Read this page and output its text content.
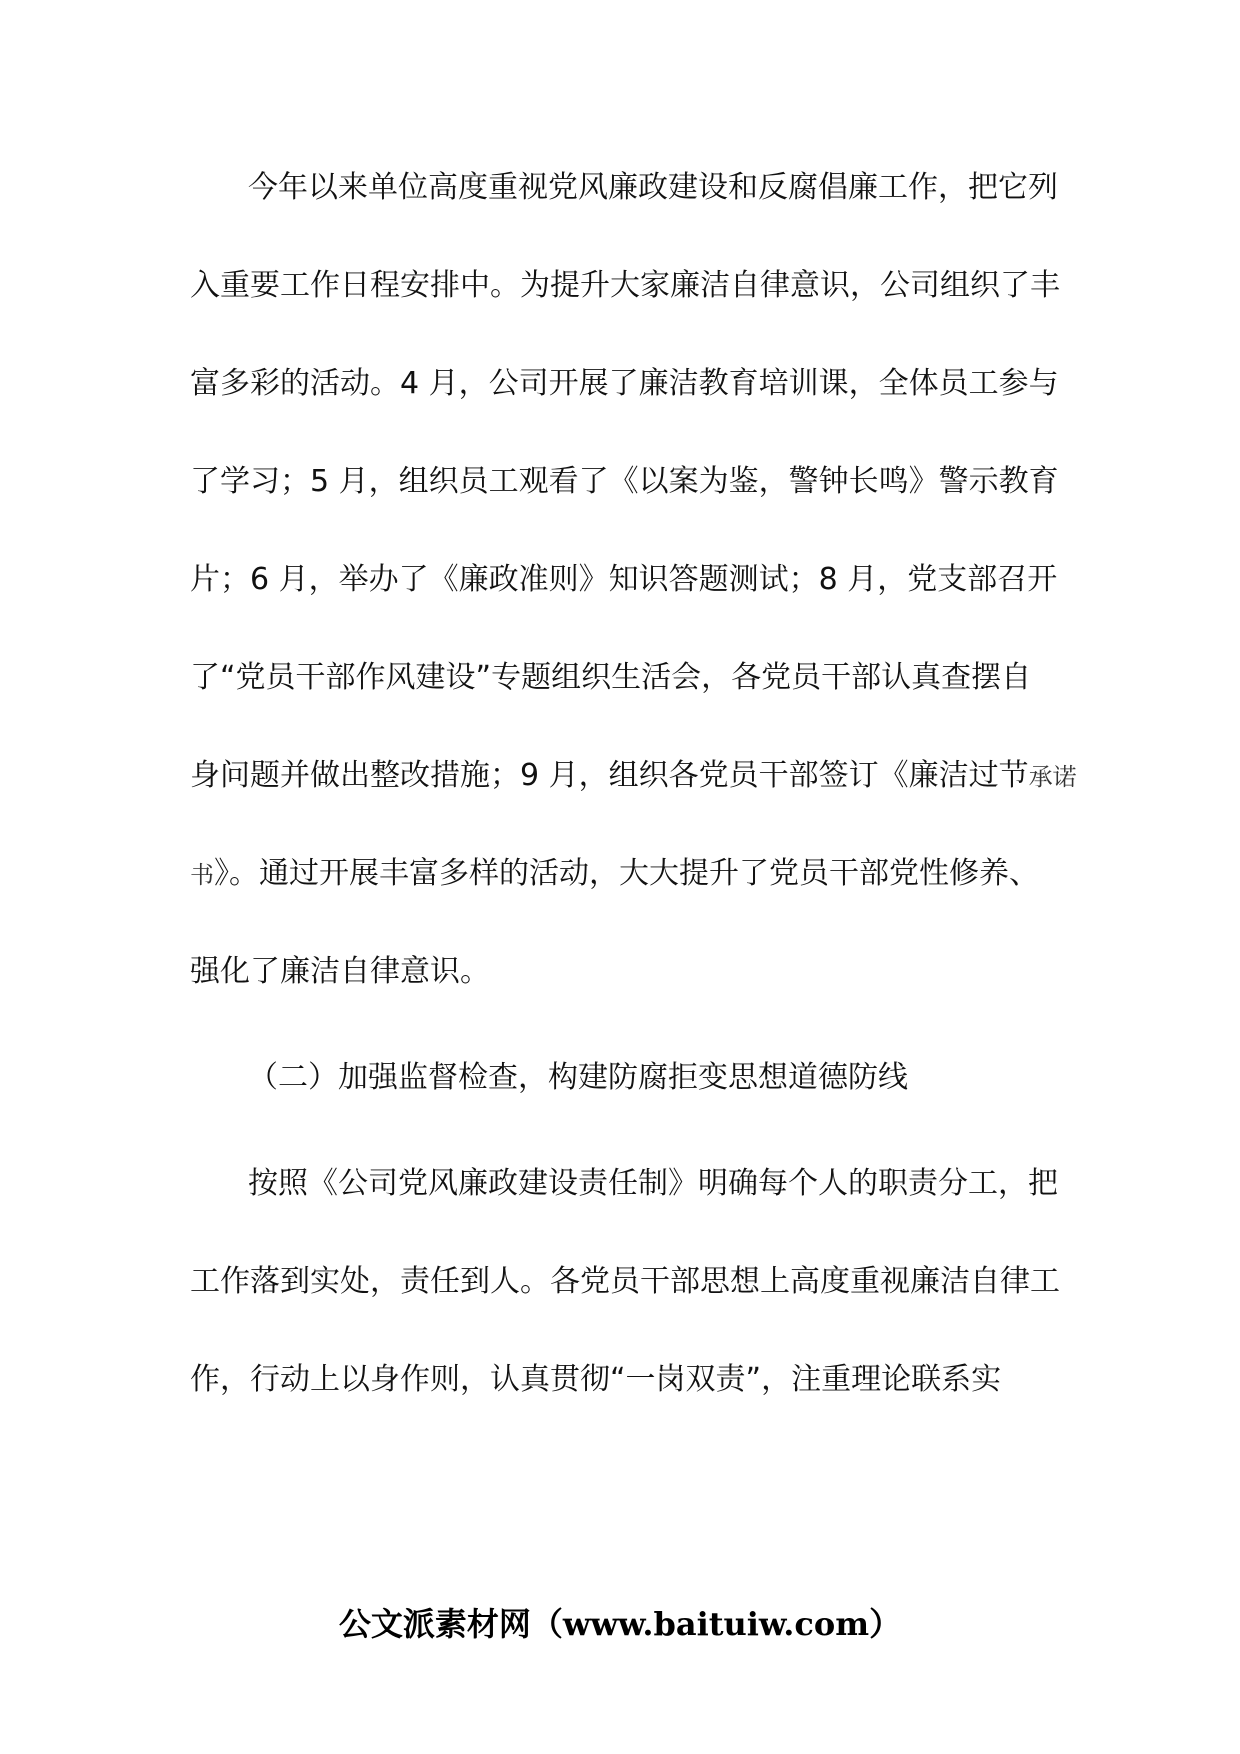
今年以来单位高度重视党风廉政建设和反腐倡廉工作，把它列
入重要工作日程安排中。为提升大家廉洁自律意识，公司组织了丰
富多彩的活动。4 月，公司开展了廉洁教育培训课，全体员工参与
了学习；5 月，组织员工观看了《以案为鉴，警钟长鸣》警示教育
片；6 月，举办了《廉政准则》知识答题测试；8 月，党支部召开
了“党员干部作风建设”专题组织生活会，各党员干部认真查摆自
身问题并做出整改措施；9 月，组织各党员干部签订《廉洁过节承诺
书》。通过开展丰富多样的活动，大大提升了党员干部党性修养、
强化了廉洁自律意识。
（二）加强监督检查，构建防腐拒变思想道德防线
按照《公司党风廉政建设责任制》明确每个人的职责分工，把
工作落到实处，责任到人。各党员干部思想上高度重视廉洁自律工
作，行动上以身作则，认真贯彻“一岗双责”，注重理论联系实
公文派素材网（www.baituiw.com）
